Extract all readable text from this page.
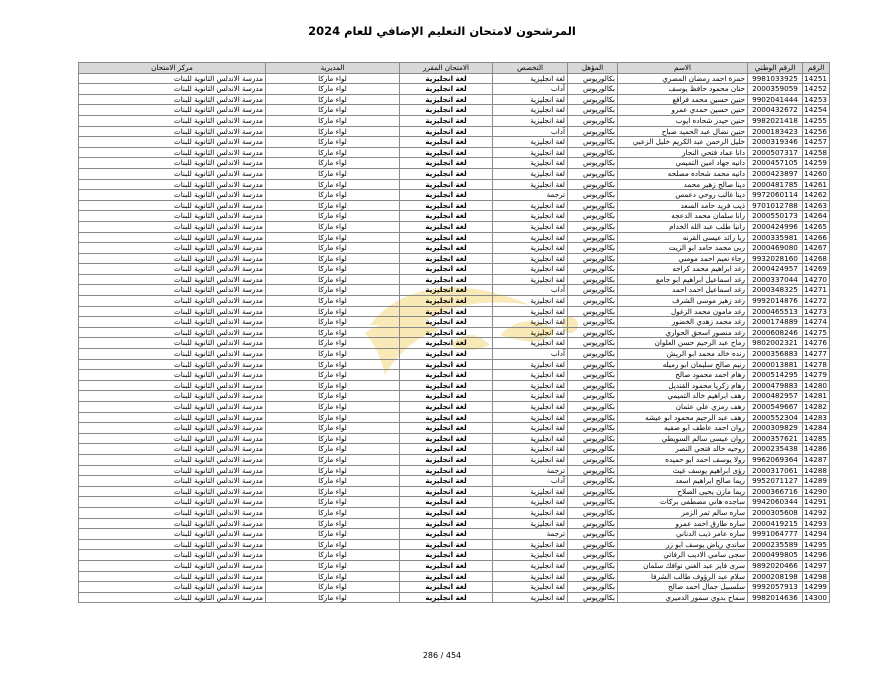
المرشحون لامتحان التعليم الإضافي للعام 2024
الرقم	الرقم الوطني	الاسم	المؤهل	التخصص	الامتحان المقرر	المديرية	مركز الامتحان
14251	9981033925	حمزة احمد رمضان المصري	بكالوريوس	لغة انجليزية	لغة انجليزية	لواء ماركا	مدرسة الاندلس الثانوية للبنات
14252	2000359059	حنان محمود حافظ يوسف	بكالوريوس	آداب	لغة انجليزية	لواء ماركا	مدرسة الاندلس الثانوية للبنات
14253	9902041444	حنين حسين محمد فرافع	بكالوريوس	لغة انجليزية	لغة انجليزية	لواء ماركا	مدرسة الاندلس الثانوية للبنات
14254	2000432672	حنين حسين حمدي عمرو	بكالوريوس	لغة انجليزية	لغة انجليزية	لواء ماركا	مدرسة الاندلس الثانوية للبنات
14255	9982021418	حنين حيدر شحاده ايوب	بكالوريوس	لغة انجليزية	لغة انجليزية	لواء ماركا	مدرسة الاندلس الثانوية للبنات
14256	2000183423	حنين نضال عبد الحميد صباح	بكالوريوس	آداب	لغة انجليزية	لواء ماركا	مدرسة الاندلس الثانوية للبنات
14257	2000319346	خليل الرحمن عبد الكريم خليل الزعبي	بكالوريوس	لغة انجليزية	لغة انجليزية	لواء ماركا	مدرسة الاندلس الثانوية للبنات
14258	2000507317	دانا عماد فتحي النجار	بكالوريوس	لغة انجليزية	لغة انجليزية	لواء ماركا	مدرسة الاندلس الثانوية للبنات
14259	2000457105	دانيه جهاد امين التميمي	بكالوريوس	لغة انجليزية	لغة انجليزية	لواء ماركا	مدرسة الاندلس الثانوية للبنات
14260	2000423897	دانيه محمد شحاده مصلحه	بكالوريوس	لغة انجليزية	لغة انجليزية	لواء ماركا	مدرسة الاندلس الثانوية للبنات
14261	2000481785	دينا صالح زهير محمد	بكالوريوس	لغة انجليزية	لغة انجليزية	لواء ماركا	مدرسة الاندلس الثانوية للبنات
14262	9972060114	دينا غالب روحي دعمس	بكالوريوس	ترجمة	لغة انجليزية	لواء ماركا	مدرسة الاندلس الثانوية للبنات
14263	9701012788	ذيب فريد حامد السعد	بكالوريوس	لغة انجليزية	لغة انجليزية	لواء ماركا	مدرسة الاندلس الثانوية للبنات
14264	2000550173	رانا سلمان محمد الدعجه	بكالوريوس	لغة انجليزية	لغة انجليزية	لواء ماركا	مدرسة الاندلس الثانوية للبنات
14265	2000424996	رانيا طلب عبد الله الخدام	بكالوريوس	لغة انجليزية	لغة انجليزية	لواء ماركا	مدرسة الاندلس الثانوية للبنات
14266	2000335981	ربا رائد عيسى القرنه	بكالوريوس	لغة انجليزية	لغة انجليزية	لواء ماركا	مدرسة الاندلس الثانوية للبنات
14267	2000469080	ربى محمد حامد ابو الزيت	بكالوريوس	لغة انجليزية	لغة انجليزية	لواء ماركا	مدرسة الاندلس الثانوية للبنات
14268	9932028160	رجاء نعيم احمد مومني	بكالوريوس	لغة انجليزية	لغة انجليزية	لواء ماركا	مدرسة الاندلس الثانوية للبنات
14269	2000424957	رغد ابراهيم محمد كراجه	بكالوريوس	لغة انجليزية	لغة انجليزية	لواء ماركا	مدرسة الاندلس الثانوية للبنات
14270	2000337044	رغد اسماعيل ابراهيم ابو جامع	بكالوريوس	لغة انجليزية	لغة انجليزية	لواء ماركا	مدرسة الاندلس الثانوية للبنات
14271	2000348325	رغد اسماعيل احمد احمد	بكالوريوس	آداب	لغة انجليزية	لواء ماركا	مدرسة الاندلس الثانوية للبنات
14272	9992014876	رغد زهير موسى الشرف	بكالوريوس	لغة انجليزية	لغة انجليزية	لواء ماركا	مدرسة الاندلس الثانوية للبنات
14273	2000465513	رغد مامون محمد الزغول	بكالوريوس	لغة انجليزية	لغة انجليزية	لواء ماركا	مدرسة الاندلس الثانوية للبنات
14274	2000174889	رغد محمد زهدي الخضور	بكالوريوس	لغة انجليزية	لغة انجليزية	لواء ماركا	مدرسة الاندلس الثانوية للبنات
14275	2000608246	رغد منصور اسحق الحواري	بكالوريوس	لغة انجليزية	لغة انجليزية	لواء ماركا	مدرسة الاندلس الثانوية للبنات
14276	9802002321	رماح عبد الرحيم حسن العلوان	بكالوريوس	لغة انجليزية	لغة انجليزية	لواء ماركا	مدرسة الاندلس الثانوية للبنات
14277	2000356883	رنده خالد محمد ابو الريش	بكالوريوس	آداب	لغة انجليزية	لواء ماركا	مدرسة الاندلس الثانوية للبنات
14278	2000013881	رنيم صالح سليمان ابو رميله	بكالوريوس	لغة انجليزية	لغة انجليزية	لواء ماركا	مدرسة الاندلس الثانوية للبنات
14279	2000514295	رهام احمد محمود صالح	بكالوريوس	لغة انجليزية	لغة انجليزية	لواء ماركا	مدرسة الاندلس الثانوية للبنات
14280	2000479883	رهام زكريا محمود القنديل	بكالوريوس	لغة انجليزية	لغة انجليزية	لواء ماركا	مدرسة الاندلس الثانوية للبنات
14281	2000482957	رهف ابراهيم خالد التميمي	بكالوريوس	لغة انجليزية	لغة انجليزية	لواء ماركا	مدرسة الاندلس الثانوية للبنات
14282	2000549667	رهف رمزي علي عثمان	بكالوريوس	لغة انجليزية	لغة انجليزية	لواء ماركا	مدرسة الاندلس الثانوية للبنات
14283	2000552304	رهف عبد الرحيم محمود ابو عيشه	بكالوريوس	لغة انجليزية	لغة انجليزية	لواء ماركا	مدرسة الاندلس الثانوية للبنات
14284	2000309829	روان احمد عاطف ابو صفيه	بكالوريوس	لغة انجليزية	لغة انجليزية	لواء ماركا	مدرسة الاندلس الثانوية للبنات
14285	2000357621	روان عيسى سالم السويطي	بكالوريوس	لغة انجليزية	لغة انجليزية	لواء ماركا	مدرسة الاندلس الثانوية للبنات
14286	2000235438	روحيه خالد فتحي النصر	بكالوريوس	لغة انجليزية	لغة انجليزية	لواء ماركا	مدرسة الاندلس الثانوية للبنات
14287	9962069364	رولا يوسف احمد ابو حميده	بكالوريوس	لغة انجليزية	لغة انجليزية	لواء ماركا	مدرسة الاندلس الثانوية للبنات
14288	2000317061	رؤى ابراهيم يوسف غيث	بكالوريوس	ترجمة	لغة انجليزية	لواء ماركا	مدرسة الاندلس الثانوية للبنات
14289	9952071127	ريما صالح ابراهيم اسعد	بكالوريوس	آداب	لغة انجليزية	لواء ماركا	مدرسة الاندلس الثانوية للبنات
14290	2000366716	ريما مازن يحيى الصلاح	بكالوريوس	لغة انجليزية	لغة انجليزية	لواء ماركا	مدرسة الاندلس الثانوية للبنات
14291	9942060344	ساجده هاني مصطفى بركات	بكالوريوس	لغة انجليزية	لغة انجليزية	لواء ماركا	مدرسة الاندلس الثانوية للبنات
14292	2000305608	ساره سالم تمر الزمر	بكالوريوس	لغة انجليزية	لغة انجليزية	لواء ماركا	مدرسة الاندلس الثانوية للبنات
14293	2000419215	ساره طارق احمد عمرو	بكالوريوس	لغة انجليزية	لغة انجليزية	لواء ماركا	مدرسة الاندلس الثانوية للبنات
14294	9991064777	ساره عامر ذيب الدناني	بكالوريوس	ترجمة	لغة انجليزية	لواء ماركا	مدرسة الاندلس الثانوية للبنات
14295	2000235589	ساندي رياض يوسف ابو زر	بكالوريوس	لغة انجليزية	لغة انجليزية	لواء ماركا	مدرسة الاندلس الثانوية للبنات
14296	2000499805	سجى سامي الاديب الرفاتي	بكالوريوس	لغة انجليزية	لغة انجليزية	لواء ماركا	مدرسة الاندلس الثانوية للبنات
14297	9892020466	سرى فايز عبد الغني نوافك سلمان	بكالوريوس	لغة انجليزية	لغة انجليزية	لواء ماركا	مدرسة الاندلس الثانوية للبنات
14298	2000208198	سلام عبد الرؤوف طالب الشرفا	بكالوريوس	لغة انجليزية	لغة انجليزية	لواء ماركا	مدرسة الاندلس الثانوية للبنات
14299	9992057913	سلسبيل جمال احمد صالح	بكالوريوس	لغة انجليزية	لغة انجليزية	لواء ماركا	مدرسة الاندلس الثانوية للبنات
14300	9982014636	سماح بدوي سمور الدميري	بكالوريوس	لغة انجليزية	لغة انجليزية	لواء ماركا	مدرسة الاندلس الثانوية للبنات
286 / 454
